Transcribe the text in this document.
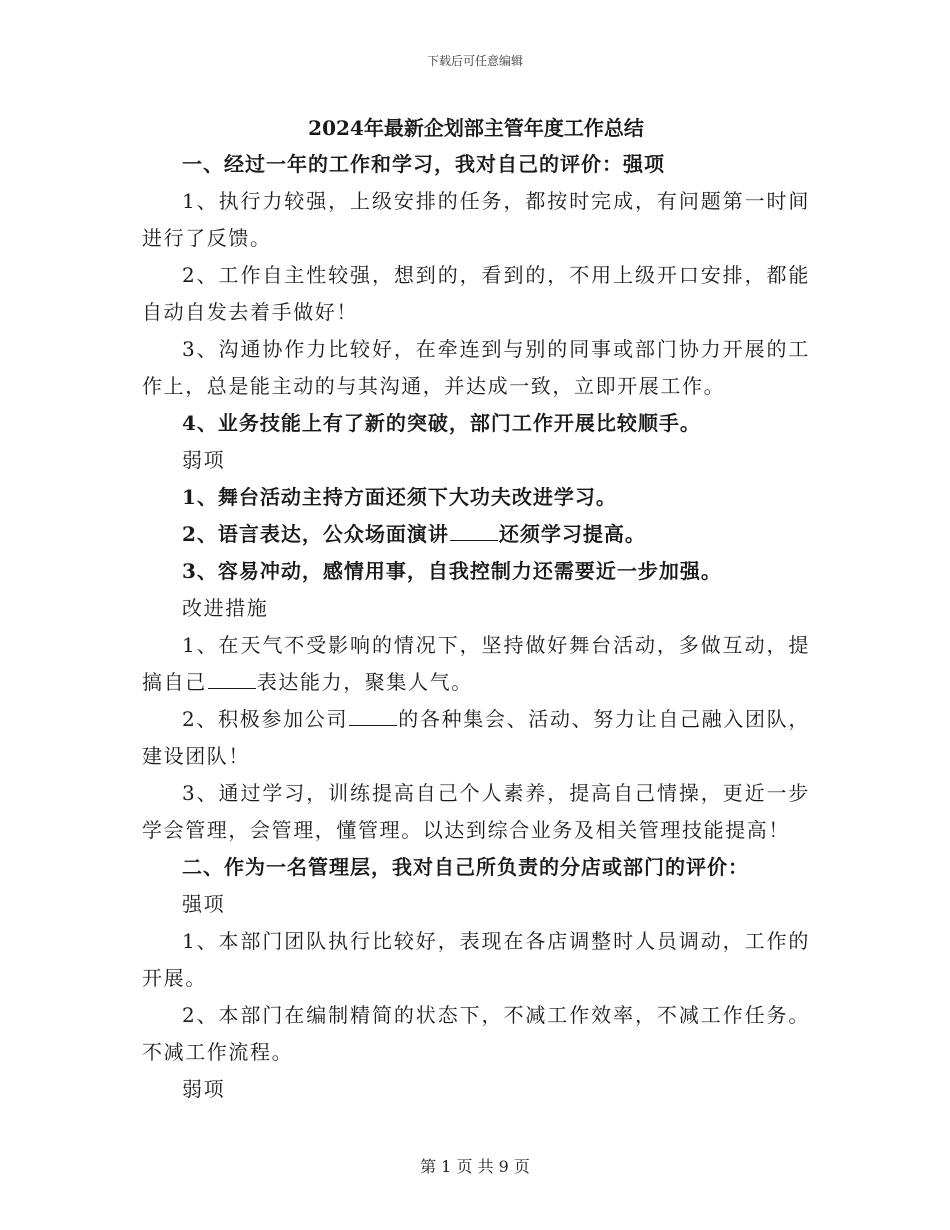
下载后可任意编辑
2024年最新企划部主管年度工作总结

一、经过一年的工作和学习，我对自己的评价：强项

1、执行力较强，上级安排的任务，都按时完成，有问题第一时间进行了反馈。

2、工作自主性较强，想到的，看到的，不用上级开口安排，都能自动自发去着手做好！

3、沟通协作力比较好，在牵连到与别的同事或部门协力开展的工作上，总是能主动的与其沟通，并达成一致，立即开展工作。

4、业务技能上有了新的突破，部门工作开展比较顺手。

弱项

1、舞台活动主持方面还须下大功夫改进学习。

2、语言表达，公众场面演讲	还须学习提高。

3、容易冲动，感情用事，自我控制力还需要近一步加强。

改进措施

1、在天气不受影响的情况下，坚持做好舞台活动，多做互动，提搞自己	表达能力，聚集人气。

2、积极参加公司	的各种集会、活动、努力让自己融入团队，建设团队！

3、通过学习，训练提高自己个人素养，提高自己情操，更近一步学会管理，会管理，懂管理。以达到综合业务及相关管理技能提高！

二、作为一名管理层，我对自己所负责的分店或部门的评价：

强项

1、本部门团队执行比较好，表现在各店调整时人员调动，工作的开展。

2、本部门在编制精简的状态下，不减工作效率，不减工作任务。不减工作流程。

弱项

第 1 页 共 9 页
